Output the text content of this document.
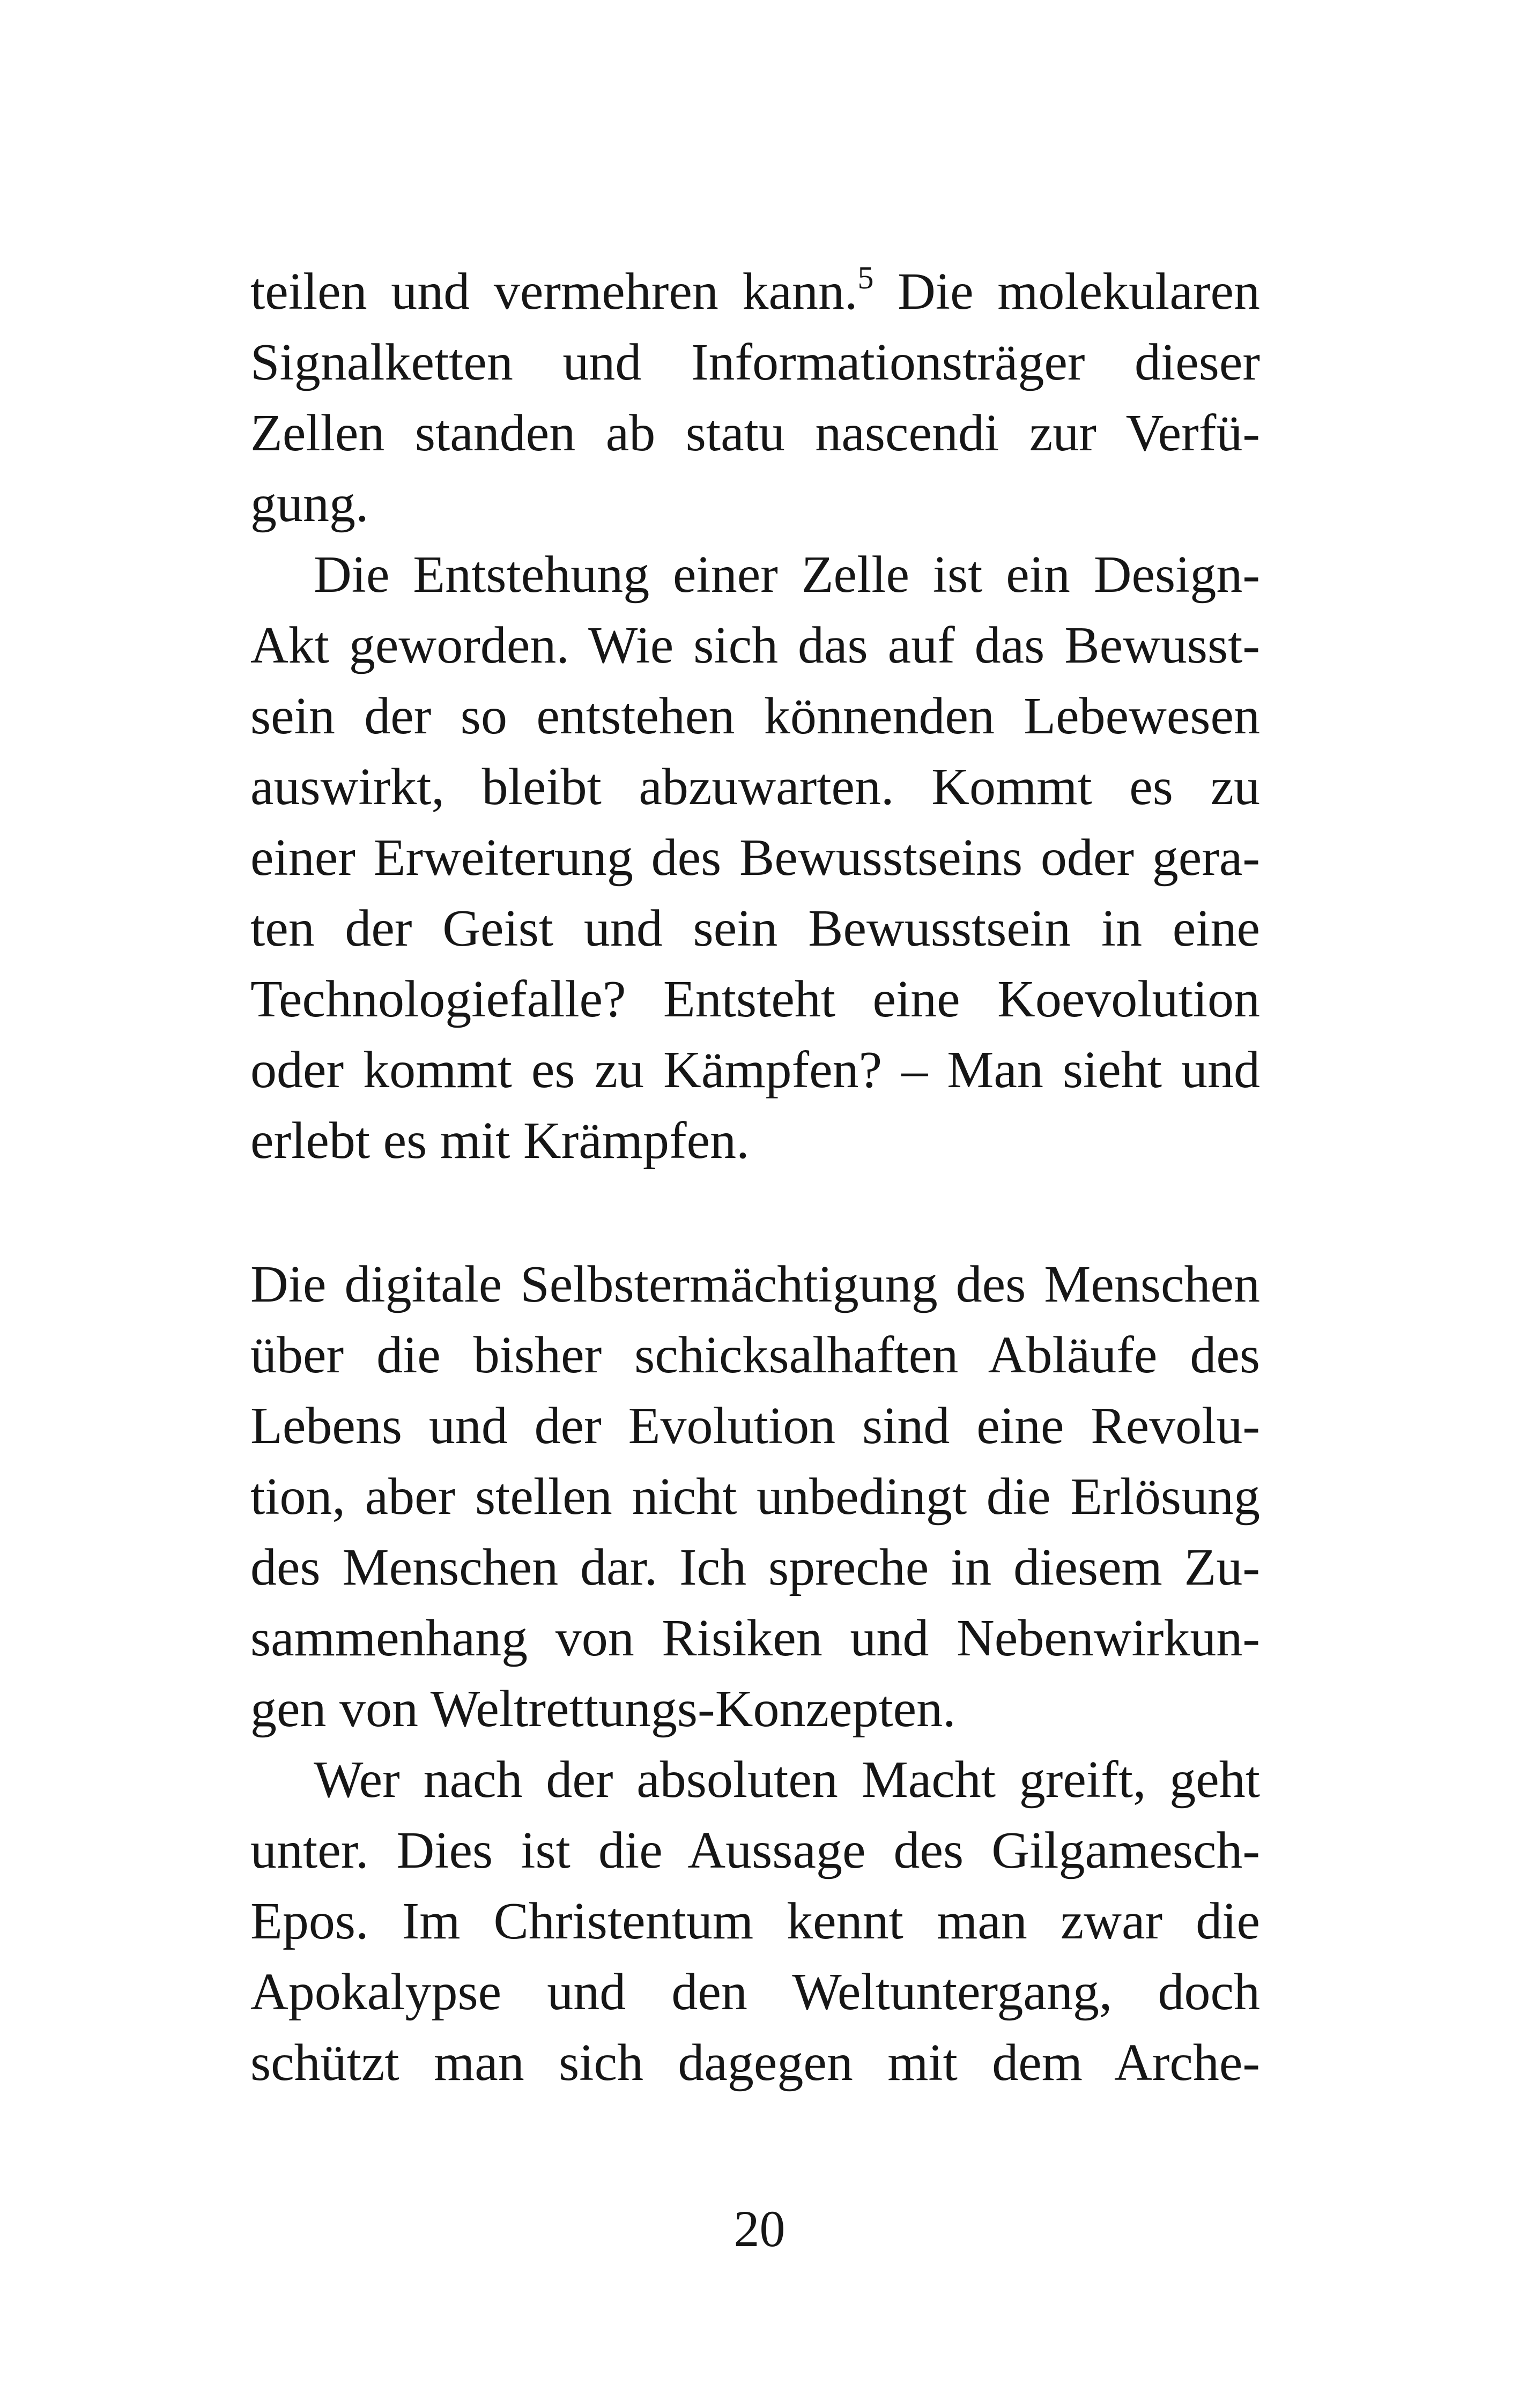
teilen und vermehren kann.$^5$ Die molekularen
Signalketten und Informationsträger dieser
Zellen standen ab statu nascendi zur Verfü-
gung.
Die Entstehung einer Zelle ist ein Design-
Akt geworden. Wie sich das auf das Bewusst-
sein der so entstehen könnenden Lebewesen
auswirkt, bleibt abzuwarten. Kommt es zu
einer Erweiterung des Bewusstseins oder gera-
ten der Geist und sein Bewusstsein in eine
Technologiefalle? Entsteht eine Koevolution
oder kommt es zu Kämpfen? – Man sieht und
erlebt es mit Krämpfen.
Die digitale Selbstermächtigung des Menschen
über die bisher schicksalhaften Abläufe des
Lebens und der Evolution sind eine Revolu-
tion, aber stellen nicht unbedingt die Erlösung
des Menschen dar. Ich spreche in diesem Zu-
sammenhang von Risiken und Nebenwirkun-
gen von Weltrettungs-Konzepten.
Wer nach der absoluten Macht greift, geht
unter. Dies ist die Aussage des Gilgamesch-
Epos. Im Christentum kennt man zwar die
Apokalypse und den Weltuntergang, doch
schützt man sich dagegen mit dem Arche-
20
